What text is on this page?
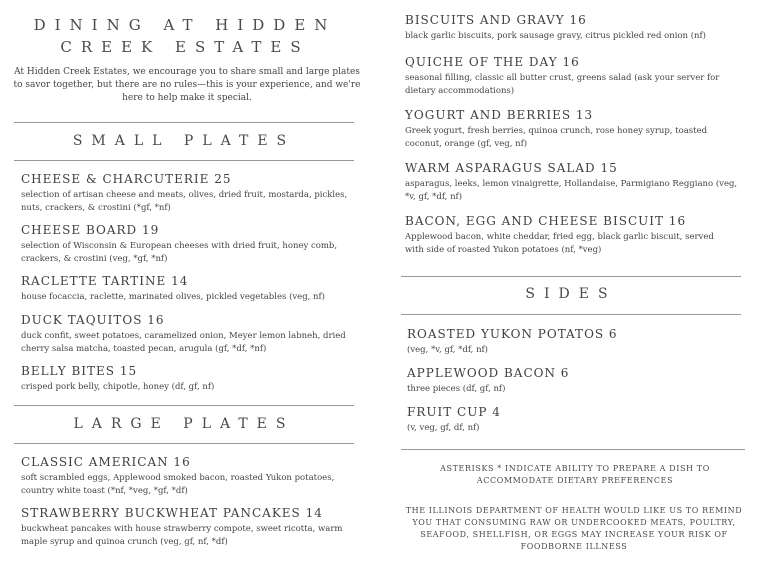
DINING AT HIDDEN
CREEK ESTATES
At Hidden Creek Estates, we encourage you to share small and large plates to savor together, but there are no rules—this is your experience, and we're here to help make it special.
SMALL PLATES
CHEESE & CHARCUTERIE 25
selection of artisan cheese and meats, olives, dried fruit, mostarda, pickles, nuts, crackers, & crostini (*gf, *nf)
CHEESE BOARD 19
selection of Wisconsin & European cheeses with dried fruit, honey comb, crackers, & crostini (veg, *gf, *nf)
RACLETTE TARTINE 14
house focaccia, raclette, marinated olives, pickled vegetables (veg, nf)
DUCK TAQUITOS 16
duck confit, sweet potatoes, caramelized onion, Meyer lemon labneh, dried cherry salsa matcha, toasted pecan, arugula (gf, *df, *nf)
BELLY BITES 15
crisped pork belly, chipotle, honey (df, gf, nf)
LARGE PLATES
CLASSIC AMERICAN 16
soft scrambled eggs, Applewood smoked bacon, roasted Yukon potatoes, country white toast (*nf, *veg, *gf, *df)
STRAWBERRY BUCKWHEAT PANCAKES 14
buckwheat pancakes with house strawberry compote, sweet ricotta, warm maple syrup and quinoa crunch (veg, gf, nf, *df)
BISCUITS AND GRAVY 16
black garlic biscuits, pork sausage gravy, citrus pickled red onion (nf)
QUICHE OF THE DAY 16
seasonal filling, classic all butter crust, greens salad (ask your server for dietary accommodations)
YOGURT AND BERRIES 13
Greek yogurt, fresh berries, quinoa crunch, rose honey syrup, toasted coconut, orange (gf, veg, nf)
WARM ASPARAGUS SALAD 15
asparagus, leeks, lemon vinaigrette, Hollandaise, Parmigiano Reggiano (veg, *v, gf, *df, nf)
BACON, EGG AND CHEESE BISCUIT 16
Applewood bacon, white cheddar, fried egg, black garlic biscuit, served with side of roasted Yukon potatoes (nf, *veg)
SIDES
ROASTED YUKON POTATOS 6
(veg, *v, gf, *df, nf)
APPLEWOOD BACON 6
three pieces (df, gf, nf)
FRUIT CUP 4
(v, veg, gf, df, nf)
ASTERISKS * INDICATE ABILITY TO PREPARE A DISH TO ACCOMMODATE DIETARY PREFERENCES
THE ILLINOIS DEPARTMENT OF HEALTH WOULD LIKE US TO REMIND YOU THAT CONSUMING RAW OR UNDERCOOKED MEATS, POULTRY, SEAFOOD, SHELLFISH, OR EGGS MAY INCREASE YOUR RISK OF FOODBORNE ILLNESS
